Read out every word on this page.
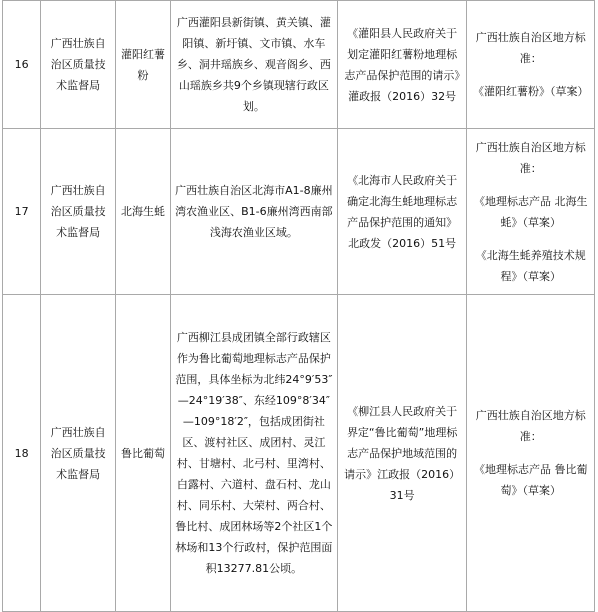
16	广西壮族自治区质量技术监督局	灌阳红薯粉	广西灌阳县新街镇、黄关镇、灌阳镇、新圩镇、文市镇、水车乡、洞井瑶族乡、观音阁乡、西山瑶族乡共9个乡镇现辖行政区划。	《灌阳县人民政府关于划定灌阳红薯粉地理标志产品保护范围的请示》灌政报（2016）32号	广西壮族自治区地方标准：
《灌阳红薯粉》（草案）

17	广西壮族自治区质量技术监督局	北海生蚝	广西壮族自治区北海市A1-8廉州湾农渔业区、B1-6廉州湾西南部浅海农渔业区域。	《北海市人民政府关于确定北海生蚝地理标志产品保护范围的通知》北政发（2016）51号	广西壮族自治区地方标准：
《地理标志产品 北海生蚝》（草案）
《北海生蚝养殖技术规程》（草案）

18	广西壮族自治区质量技术监督局	鲁比葡萄	广西柳江县成团镇全部行政辖区作为鲁比葡萄地理标志产品保护范围，具体坐标为北纬24°9′53″—24°19′38″、东经109°8′34″—109°18′2″，包括成团街社区、渡村社区、成团村、灵江村、甘塘村、北弓村、里湾村、白露村、六道村、盘石村、龙山村、同乐村、大荣村、两合村、鲁比村、成团林场等2个社区1个林场和13个行政村，保护范围面积13277.81公顷。	《柳江县人民政府关于界定“鲁比葡萄”地理标志产品保护地域范围的请示》江政报（2016）31号	广西壮族自治区地方标准：
《地理标志产品 鲁比葡萄》（草案）
